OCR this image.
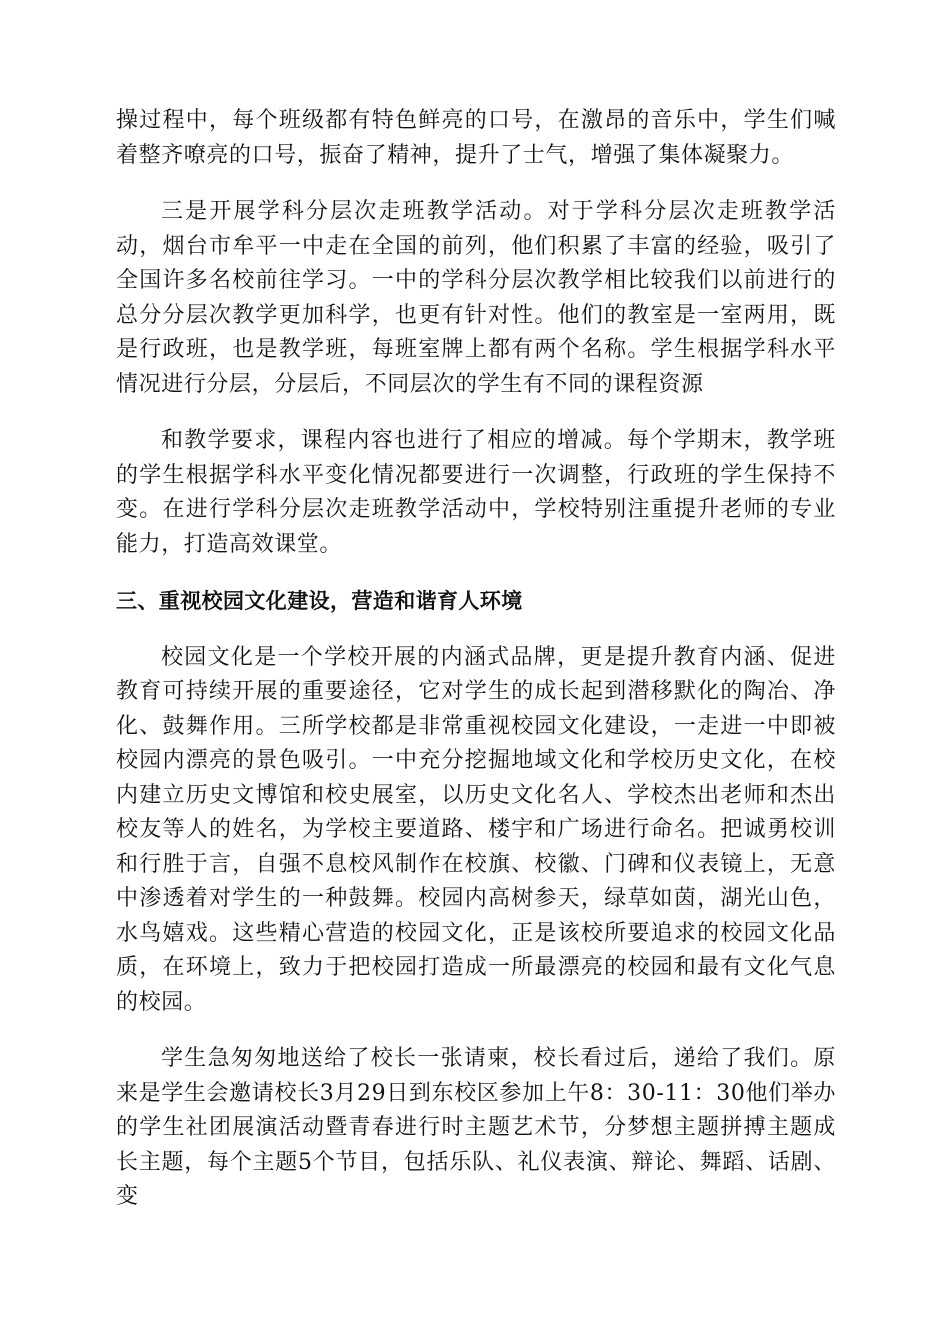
操过程中，每个班级都有特色鲜亮的口号，在激昂的音乐中，学生们喊着整齐嘹亮的口号，振奋了精神，提升了士气，增强了集体凝聚力。

三是开展学科分层次走班教学活动。对于学科分层次走班教学活动，烟台市牟平一中走在全国的前列，他们积累了丰富的经验，吸引了全国许多名校前往学习。一中的学科分层次教学相比较我们以前进行的总分分层次教学更加科学，也更有针对性。他们的教室是一室两用，既是行政班，也是教学班，每班室牌上都有两个名称。学生根据学科水平情况进行分层，分层后，不同层次的学生有不同的课程资源

和教学要求，课程内容也进行了相应的增减。每个学期末，教学班的学生根据学科水平变化情况都要进行一次调整，行政班的学生保持不变。在进行学科分层次走班教学活动中，学校特别注重提升老师的专业能力，打造高效课堂。

三、重视校园文化建设，营造和谐育人环境

校园文化是一个学校开展的内涵式品牌，更是提升教育内涵、促进教育可持续开展的重要途径，它对学生的成长起到潜移默化的陶冶、净化、鼓舞作用。三所学校都是非常重视校园文化建设，一走进一中即被校园内漂亮的景色吸引。一中充分挖掘地域文化和学校历史文化，在校内建立历史文博馆和校史展室，以历史文化名人、学校杰出老师和杰出校友等人的姓名，为学校主要道路、楼宇和广场进行命名。把诚勇校训和行胜于言，自强不息校风制作在校旗、校徽、门碑和仪表镜上，无意中渗透着对学生的一种鼓舞。校园内高树参天，绿草如茵，湖光山色，水鸟嬉戏。这些精心营造的校园文化，正是该校所要追求的校园文化品质，在环境上，致力于把校园打造成一所最漂亮的校园和最有文化气息的校园。

学生急匆匆地送给了校长一张请柬，校长看过后，递给了我们。原来是学生会邀请校长3月29日到东校区参加上午8：30-11：30他们举办的学生社团展演活动暨青春进行时主题艺术节，分梦想主题拼搏主题成长主题，每个主题5个节目，包括乐队、礼仪表演、辩论、舞蹈、话剧、变
